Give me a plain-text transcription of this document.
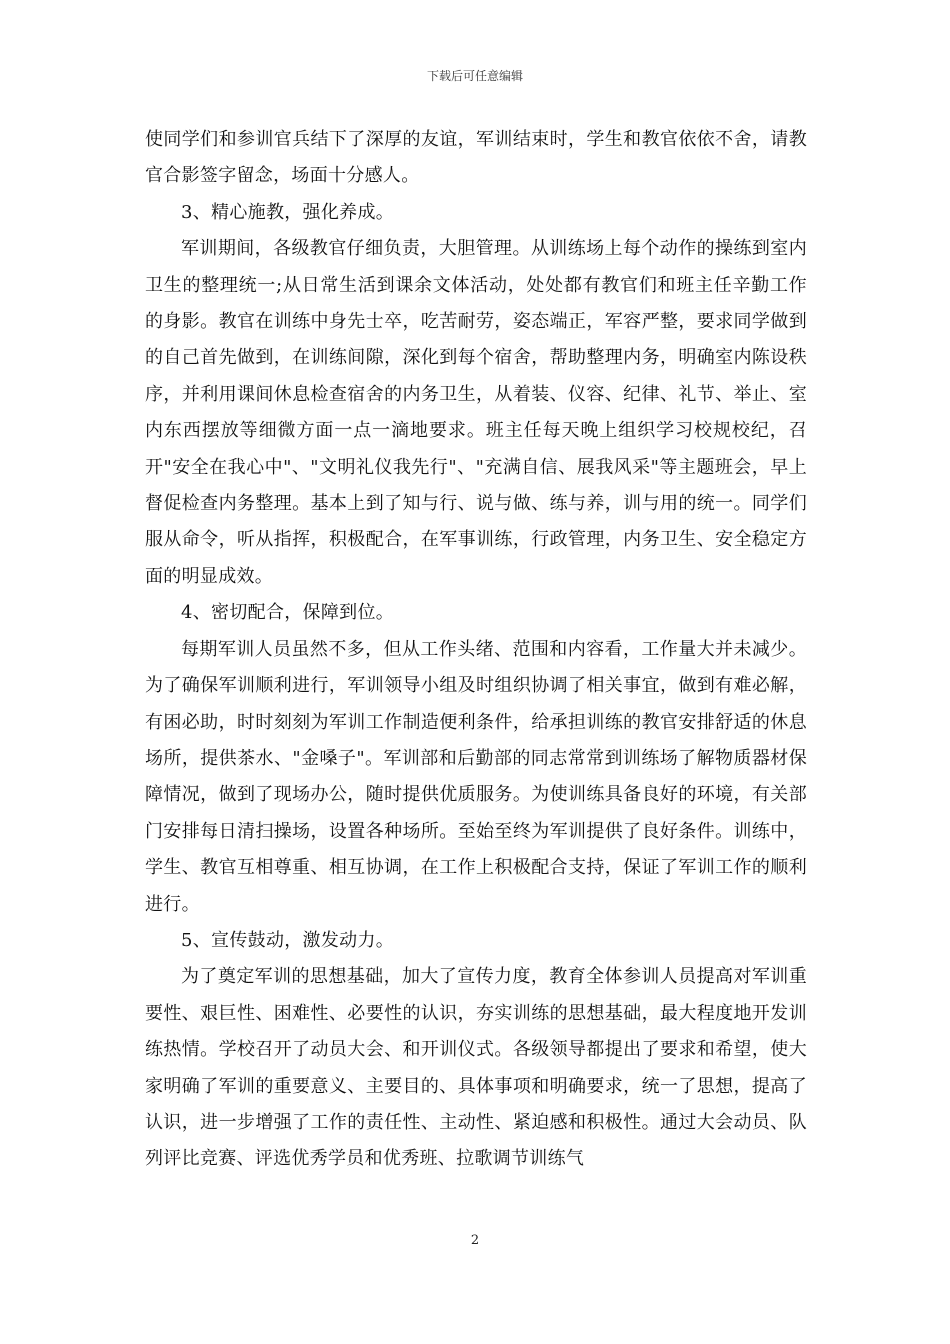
下载后可任意编辑

使同学们和参训官兵结下了深厚的友谊，军训结束时，学生和教官依依不舍，请教官合影签字留念，场面十分感人。

3、精心施教，强化养成。

军训期间，各级教官仔细负责，大胆管理。从训练场上每个动作的操练到室内卫生的整理统一;从日常生活到课余文体活动，处处都有教官们和班主任辛勤工作的身影。教官在训练中身先士卒，吃苦耐劳，姿态端正，军容严整，要求同学做到的自己首先做到，在训练间隙，深化到每个宿舍，帮助整理内务，明确室内陈设秩序，并利用课间休息检查宿舍的内务卫生，从着装、仪容、纪律、礼节、举止、室内东西摆放等细微方面一点一滴地要求。班主任每天晚上组织学习校规校纪，召开"安全在我心中"、"文明礼仪我先行"、"充满自信、展我风采"等主题班会，早上督促检查内务整理。基本上到了知与行、说与做、练与养，训与用的统一。同学们服从命令，听从指挥，积极配合，在军事训练，行政管理，内务卫生、安全稳定方面的明显成效。

4、密切配合，保障到位。

每期军训人员虽然不多，但从工作头绪、范围和内容看，工作量大并未减少。为了确保军训顺利进行，军训领导小组及时组织协调了相关事宜，做到有难必解，有困必助，时时刻刻为军训工作制造便利条件，给承担训练的教官安排舒适的休息场所，提供茶水、"金嗓子"。军训部和后勤部的同志常常到训练场了解物质器材保障情况，做到了现场办公，随时提供优质服务。为使训练具备良好的环境，有关部门安排每日清扫操场，设置各种场所。至始至终为军训提供了良好条件。训练中，学生、教官互相尊重、相互协调，在工作上积极配合支持，保证了军训工作的顺利进行。

5、宣传鼓动，激发动力。

为了奠定军训的思想基础，加大了宣传力度，教育全体参训人员提高对军训重要性、艰巨性、困难性、必要性的认识，夯实训练的思想基础，最大程度地开发训练热情。学校召开了动员大会、和开训仪式。各级领导都提出了要求和希望，使大家明确了军训的重要意义、主要目的、具体事项和明确要求，统一了思想，提高了认识，进一步增强了工作的责任性、主动性、紧迫感和积极性。通过大会动员、队列评比竞赛、评选优秀学员和优秀班、拉歌调节训练气

2
